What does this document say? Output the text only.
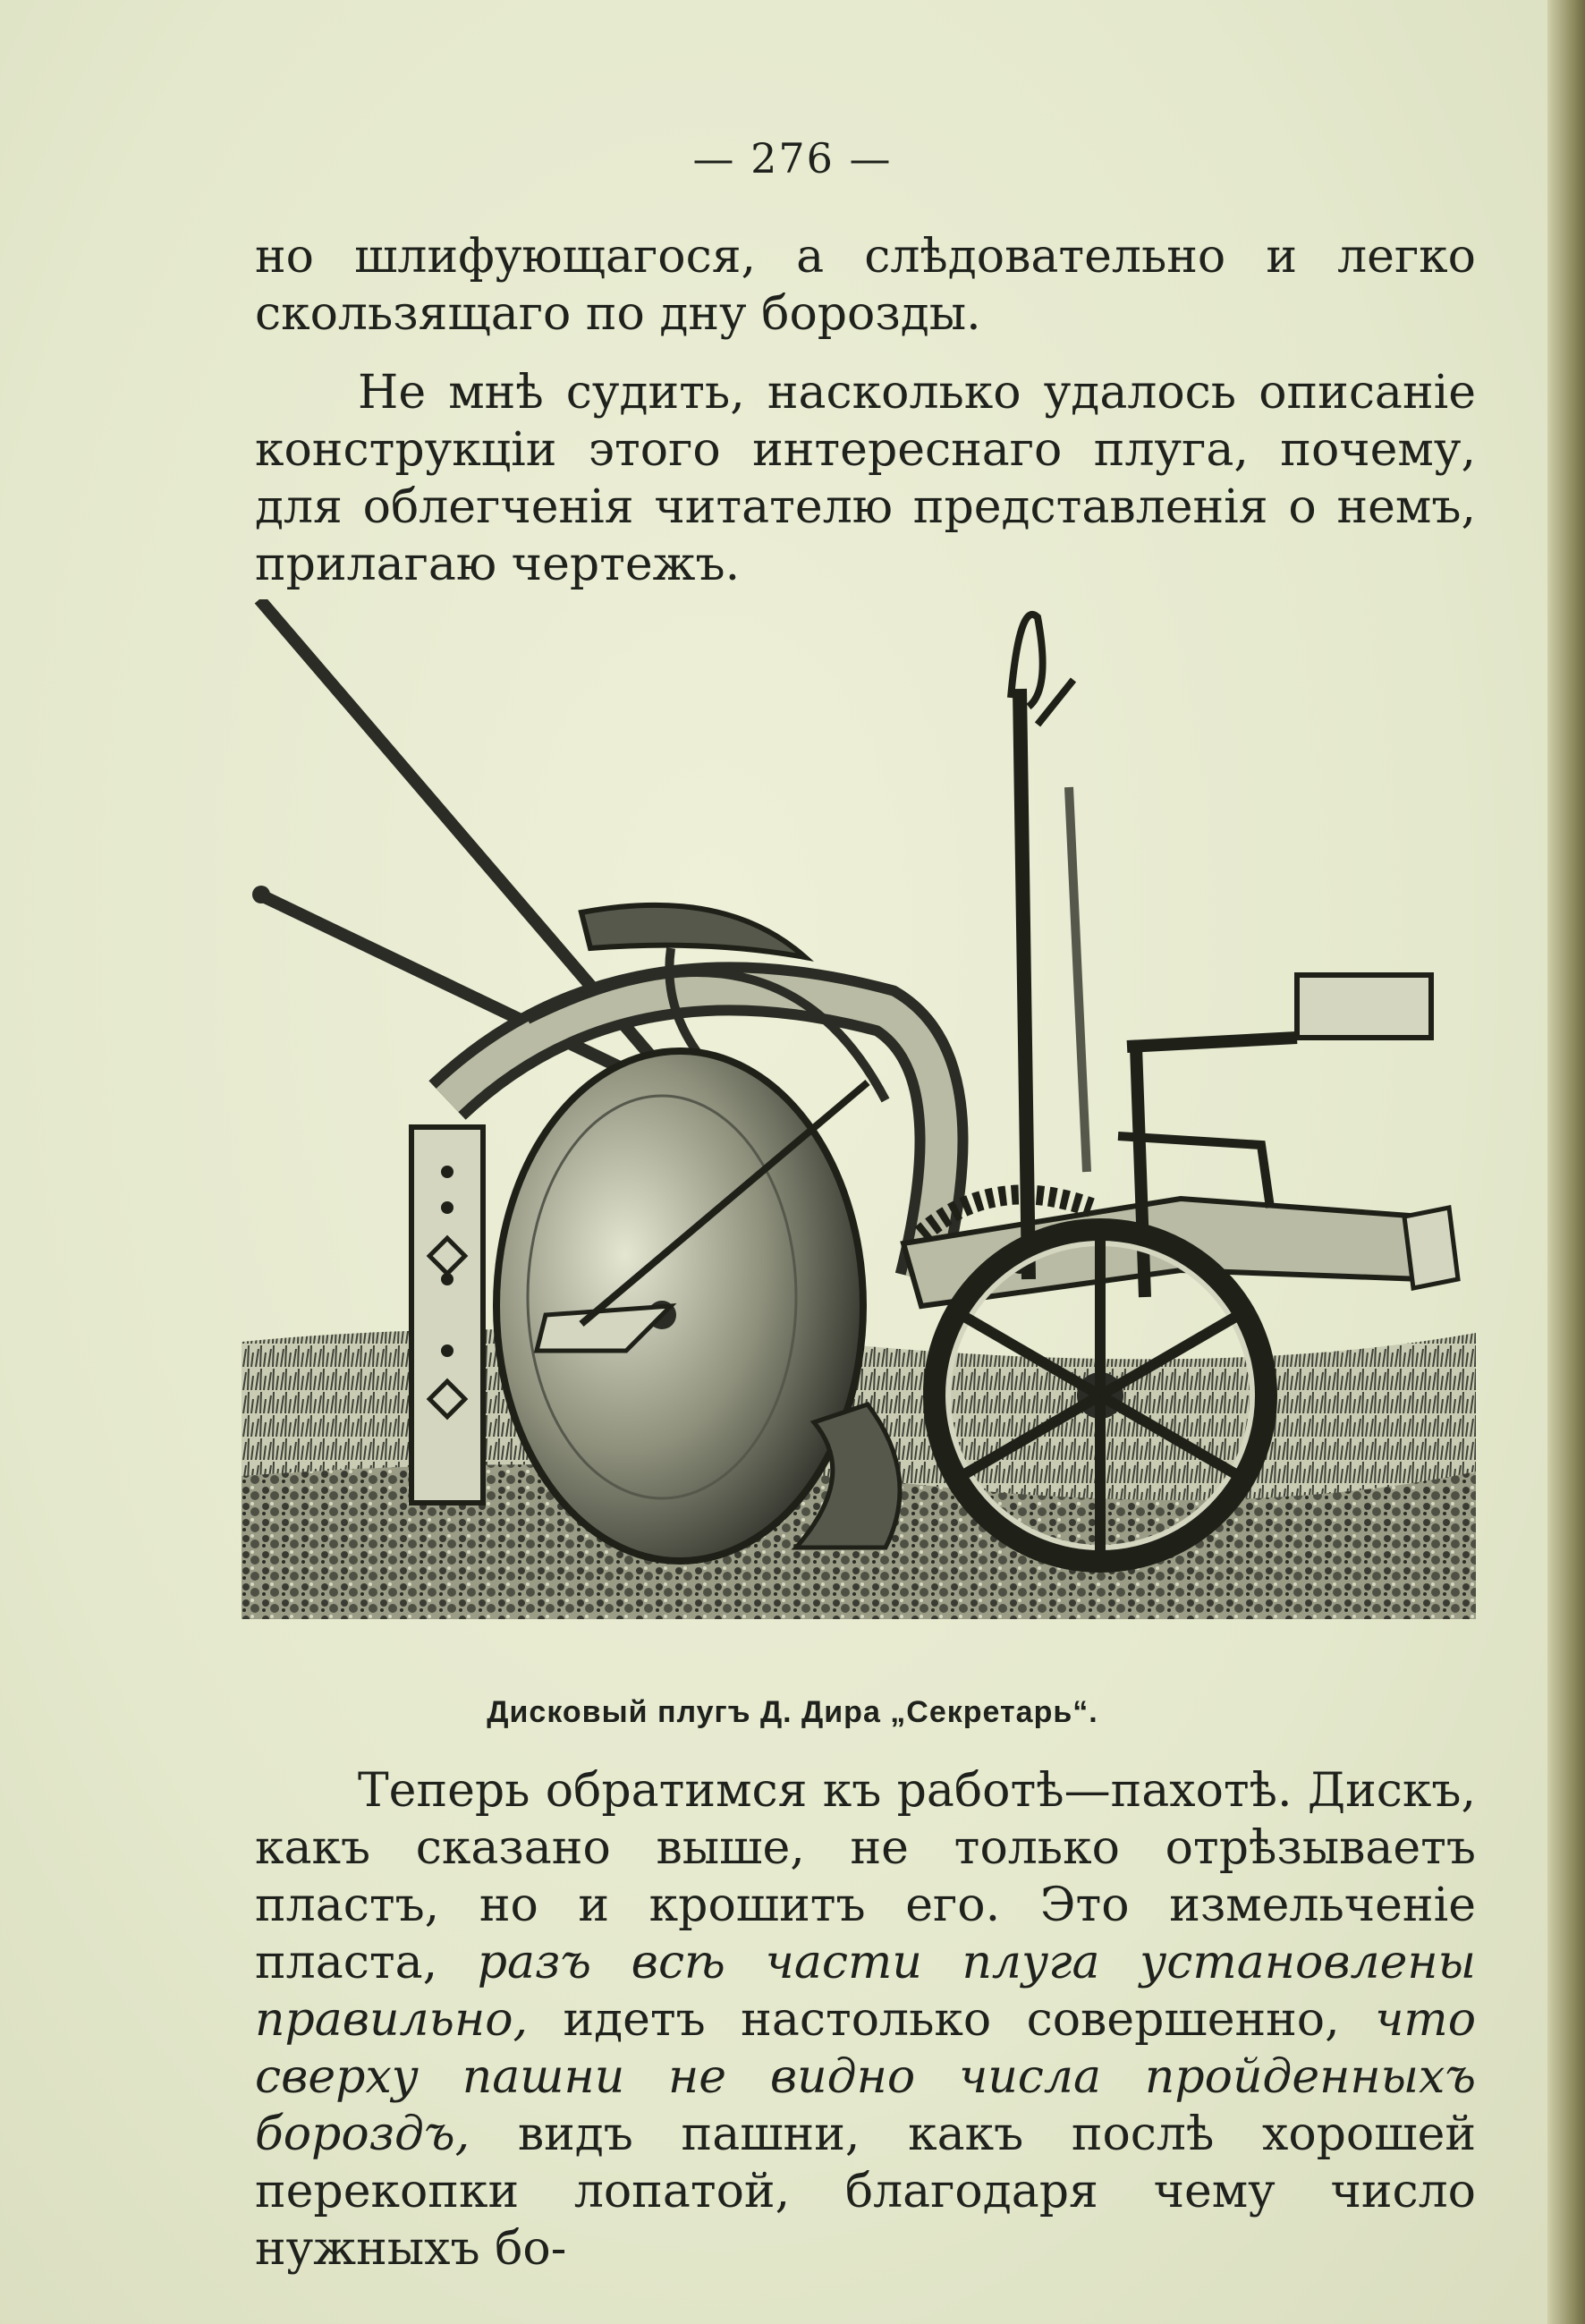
— 276 —

но шлифующагося, а слѣдовательно и легко скользящаго по дну борозды.

Не мнѣ судить, насколько удалось описаніе конструкціи этого интереснаго плуга, почему, для облегченія читателю представленія о немъ, прилагаю чертежъ.

Дисковый плугъ Д. Дира „Секретарь“.

Теперь обратимся къ работѣ—пахотѣ. Дискъ, какъ сказано выше, не только отрѣзываетъ пластъ, но и крошитъ его. Это измельченіе пласта, разъ всѣ части плуга установлены правильно, идетъ настолько совершенно, что сверху пашни не видно числа пройденныхъ бороздъ, видъ пашни, какъ послѣ хорошей перекопки лопатой, благодаря чему число нужныхъ бо-
